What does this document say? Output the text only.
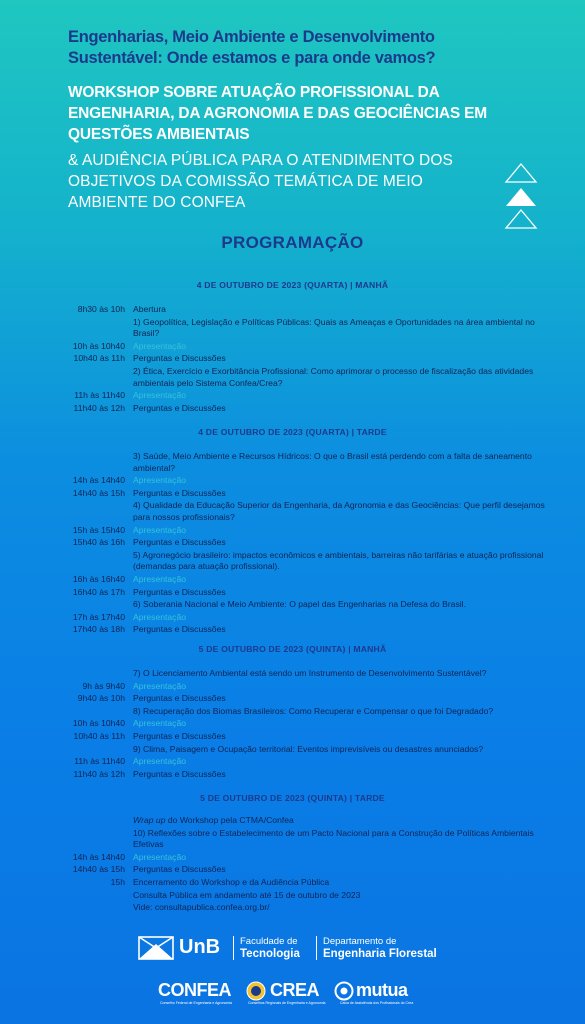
Engenharias, Meio Ambiente e Desenvolvimento Sustentável: Onde estamos e para onde vamos?
WORKSHOP SOBRE ATUAÇÃO PROFISSIONAL DA ENGENHARIA, DA AGRONOMIA E DAS GEOCIÊNCIAS EM QUESTÕES AMBIENTAIS
& AUDIÊNCIA PÚBLICA PARA O ATENDIMENTO DOS OBJETIVOS DA COMISSÃO TEMÁTICA DE MEIO AMBIENTE DO CONFEA
PROGRAMAÇÃO
4 DE OUTUBRO DE 2023 (QUARTA) | MANHÃ
8h30 às 10h Abertura
1) Geopolítica, Legislação e Políticas Públicas: Quais as Ameaças e Oportunidades na área ambiental no Brasil?
10h às 10h40 Apresentação
10h40 às 11h Perguntas e Discussões
2) Ética, Exercício e Exorbitância Profissional: Como aprimorar o processo de fiscalização das atividades ambientais pelo Sistema Confea/Crea?
11h às 11h40 Apresentação
11h40 às 12h Perguntas e Discussões
4 DE OUTUBRO DE 2023 (QUARTA) | TARDE
3) Saúde, Meio Ambiente e Recursos Hídricos: O que o Brasil está perdendo com a falta de saneamento ambiental?
14h às 14h40 Apresentação
14h40 às 15h Perguntas e Discussões
4) Qualidade da Educação Superior da Engenharia, da Agronomia e das Geociências: Que perfil desejamos para nossos profissionais?
15h às 15h40 Apresentação
15h40 às 16h Perguntas e Discussões
5) Agronegócio brasileiro: impactos econômicos e ambientais, barreiras não tarifárias e atuação profissional (demandas para atuação profissional).
16h às 16h40 Apresentação
16h40 às 17h Perguntas e Discussões
6) Soberania Nacional e Meio Ambiente: O papel das Engenharias na Defesa do Brasil.
17h às 17h40 Apresentação
17h40 às 18h Perguntas e Discussões
5 DE OUTUBRO DE 2023 (QUINTA) | MANHÃ
7) O Licenciamento Ambiental está sendo um Instrumento de Desenvolvimento Sustentável?
9h às 9h40 Apresentação
9h40 às 10h Perguntas e Discussões
8) Recuperação dos Biomas Brasileiros: Como Recuperar e Compensar o que foi Degradado?
10h às 10h40 Apresentação
10h40 às 11h Perguntas e Discussões
9) Clima, Paisagem e Ocupação territorial: Eventos imprevisíveis ou desastres anunciados?
11h às 11h40 Apresentação
11h40 às 12h Perguntas e Discussões
5 DE OUTUBRO DE 2023 (QUINTA) | TARDE
Wrap up do Workshop pela CTMA/Confea
10) Reflexões sobre o Estabelecimento de um Pacto Nacional para a Construção de Políticas Ambientais Efetivas
14h às 14h40 Apresentação
14h40 às 15h Perguntas e Discussões
15h Encerramento do Workshop e da Audiência Pública
Consulta Pública em andamento até 15 de outubro de 2023
Vide: consultapublica.confea.org.br/
UnB Faculdade de
Tecnologia
Departamento de
Engenharia Florestal
CONFEA
Conselho Federal de Engenharia e Agronomia
CREA
Conselhos Regionais de Engenharia e Agronomia
mutua
Caixa de Assistência dos Profissionais do Crea
